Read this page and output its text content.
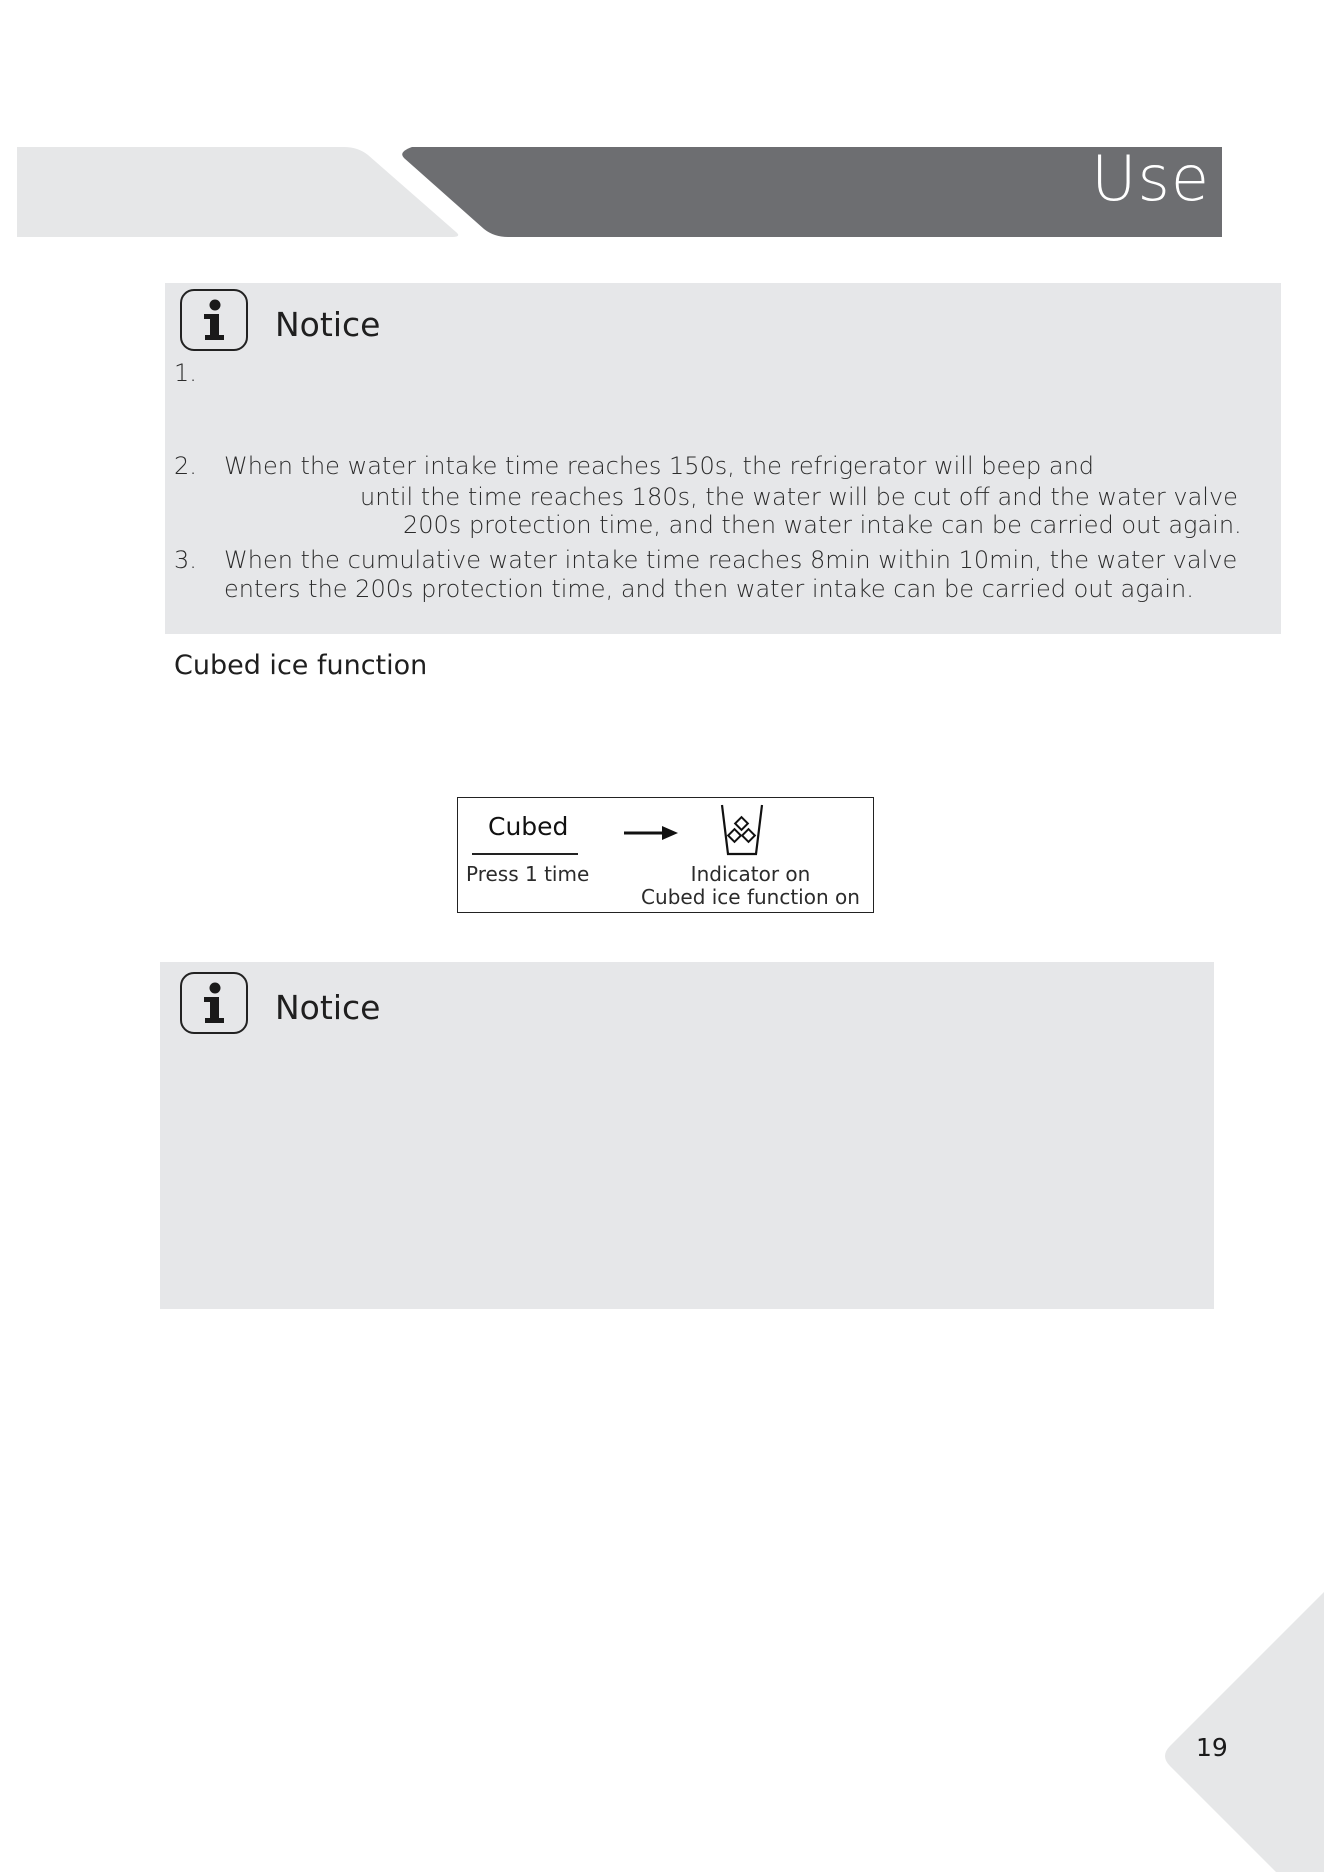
Use
Notice
1.
2. When the water intake time reaches 150s, the refrigerator will beep and
until the time reaches 180s, the water will be cut off and the water valve
200s protection time, and then water intake can be carried out again.
3. When the cumulative water intake time reaches 8min within 10min, the water valve
enters the 200s protection time, and then water intake can be carried out again.
Cubed ice function
Cubed
Press 1 time	Indicator on
Cubed ice function on
Notice
19
